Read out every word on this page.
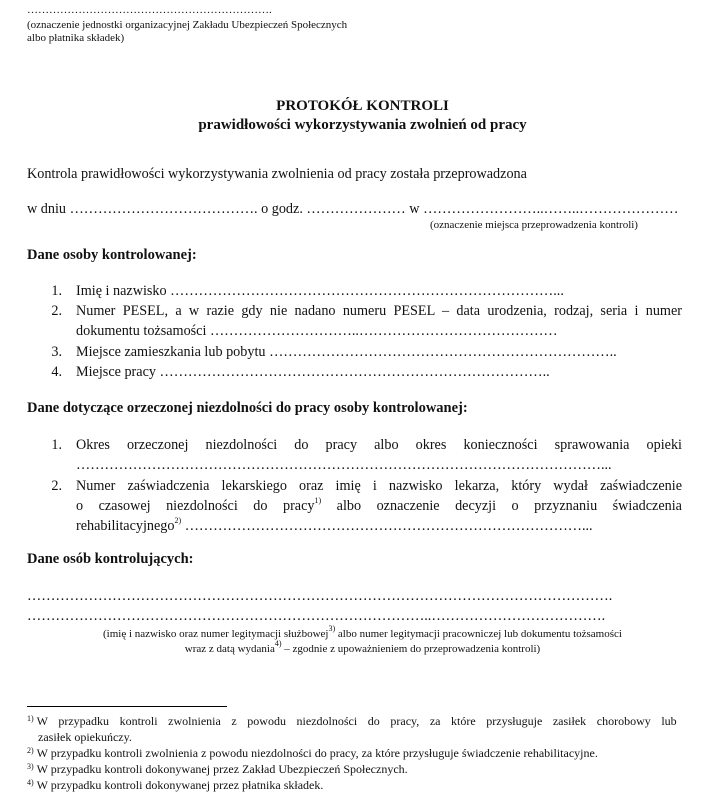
………………………………………………………….
(oznaczenie jednostki organizacyjnej Zakładu Ubezpieczeń Społecznych
albo płatnika składek)
PROTOKÓŁ KONTROLI
prawidłowości wykorzystywania zwolnień od pracy
Kontrola prawidłowości wykorzystywania zwolnienia od pracy została przeprowadzona
w dniu …………………………………. o godz. ………………… w ……………………..……..…………………
(oznaczenie miejsca przeprowadzenia kontroli)
Dane osoby kontrolowanej:
1. Imię i nazwisko ………………………………………………………………………...
2. Numer PESEL, a w razie gdy nie nadano numeru PESEL – data urodzenia, rodzaj, seria i numer
dokumentu tożsamości …………………………..……………………………………
3. Miejsce zamieszkania lub pobytu ………………………………………………………………..
4. Miejsce pracy ………………………………………………………………………..
Dane dotyczące orzeczonej niezdolności do pracy osoby kontrolowanej:
1. Okres orzeczonej niezdolności do pracy albo okres konieczności sprawowania opieki
…………………………………………………………………………………………………...
2. Numer zaświadczenia lekarskiego oraz imię i nazwisko lekarza, który wydał zaświadczenie
o czasowej niezdolności do pracy$^{1)}$ albo oznaczenie decyzji o przyznaniu świadczenia
rehabilitacyjnego$^{2)}$ …………………………………………………………………………...
Dane osób kontrolujących:
…………………………………………………………………………………………………………….
…………………………………………………………………………..……………………………….
(imię i nazwisko oraz numer legitymacji służbowej$^{3)}$ albo numer legitymacji pracowniczej lub dokumentu tożsamości
wraz z datą wydania$^{4)}$ – zgodnie z upoważnieniem do przeprowadzenia kontroli)
$^{1)}$ W przypadku kontroli zwolnienia z powodu niezdolności do pracy, za które przysługuje zasiłek chorobowy lub
zasiłek opiekuńczy.
$^{2)}$ W przypadku kontroli zwolnienia z powodu niezdolności do pracy, za które przysługuje świadczenie rehabilitacyjne.
$^{3)}$ W przypadku kontroli dokonywanej przez Zakład Ubezpieczeń Społecznych.
$^{4)}$ W przypadku kontroli dokonywanej przez płatnika składek.
